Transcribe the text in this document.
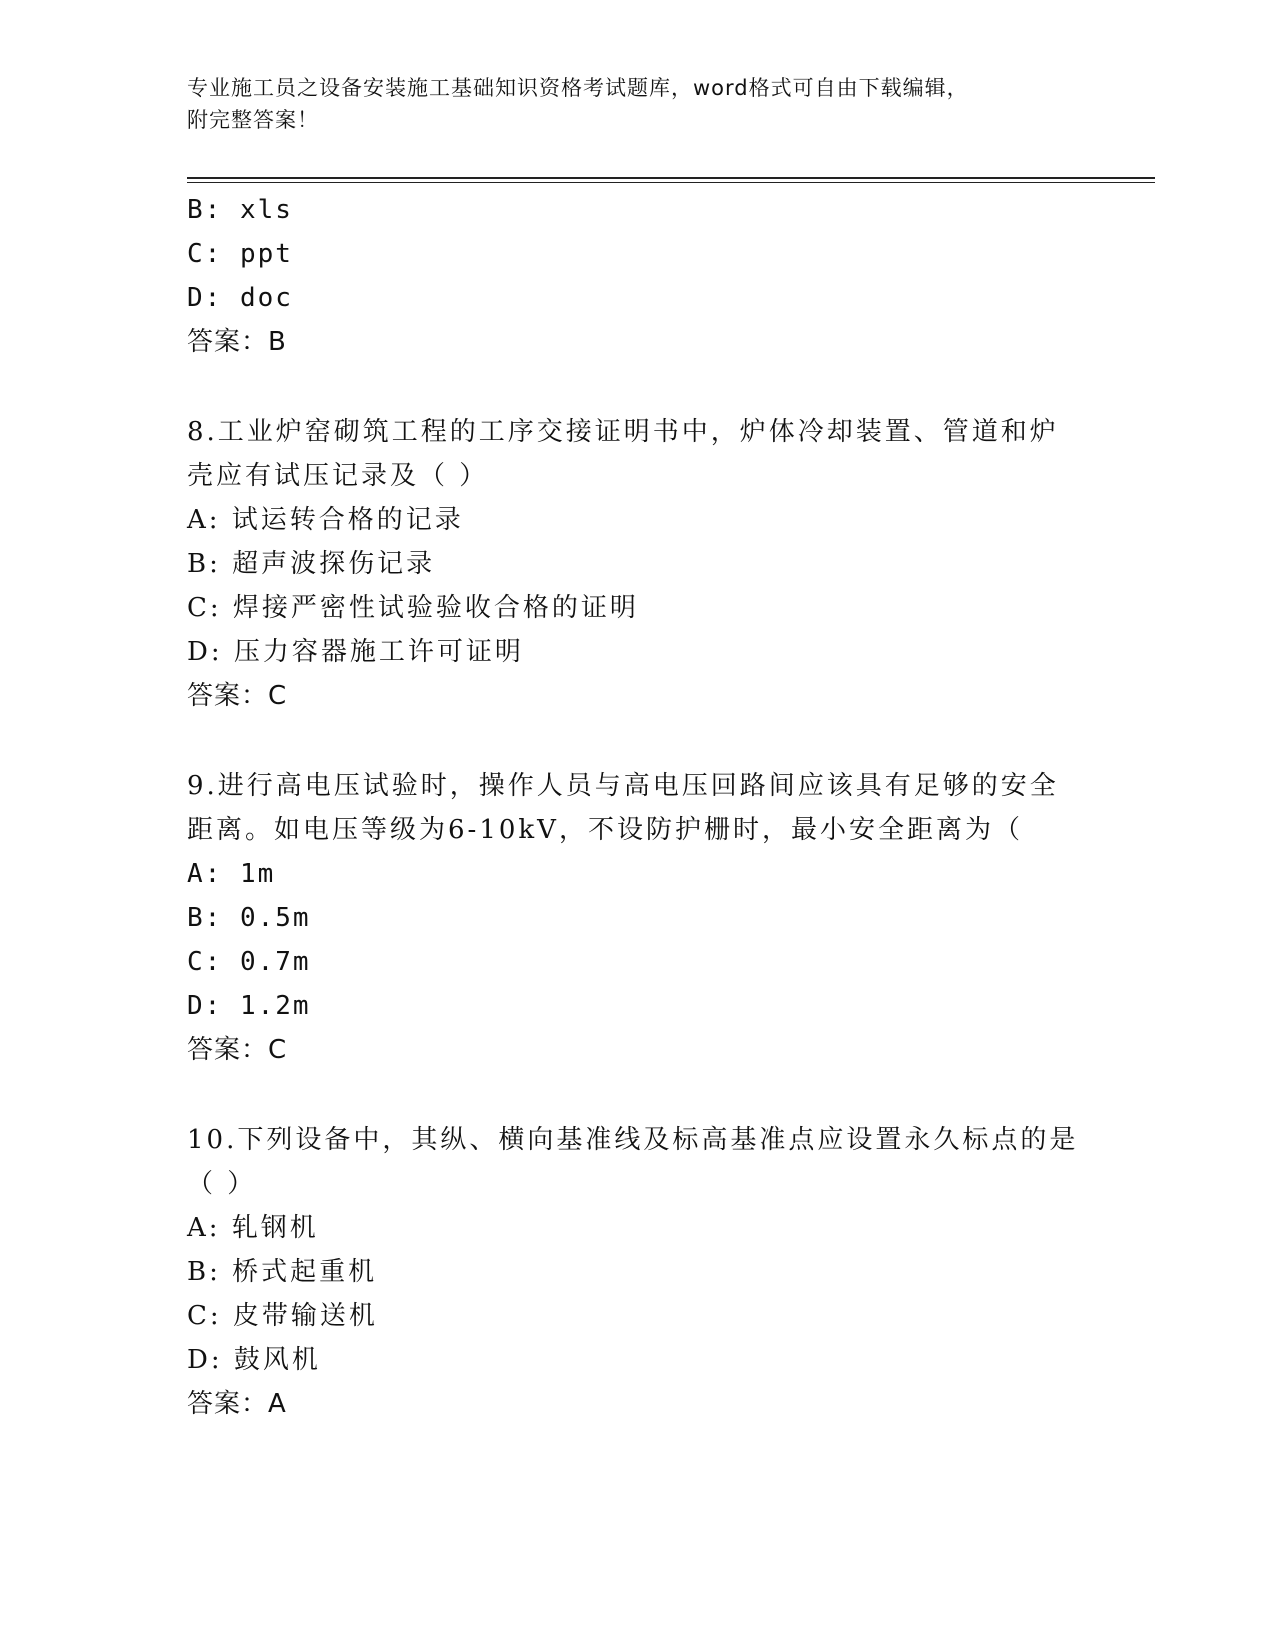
专业施工员之设备安装施工基础知识资格考试题库，word格式可自由下载编辑，
附完整答案！
B: xls
C: ppt
D: doc
答案：B
8.工业炉窑砌筑工程的工序交接证明书中，炉体冷却装置、管道和炉
壳应有试压记录及（ ）
A: 试运转合格的记录
B: 超声波探伤记录
C: 焊接严密性试验验收合格的证明
D: 压力容器施工许可证明
答案：C
9.进行高电压试验时，操作人员与高电压回路间应该具有足够的安全
距离。如电压等级为6-10kV，不设防护栅时，最小安全距离为（
A: 1m
B: 0.5m
C: 0.7m
D: 1.2m
答案：C
10.下列设备中，其纵、横向基准线及标高基准点应设置永久标点的是
（ ）
A: 轧钢机
B: 桥式起重机
C: 皮带输送机
D: 鼓风机
答案：A
